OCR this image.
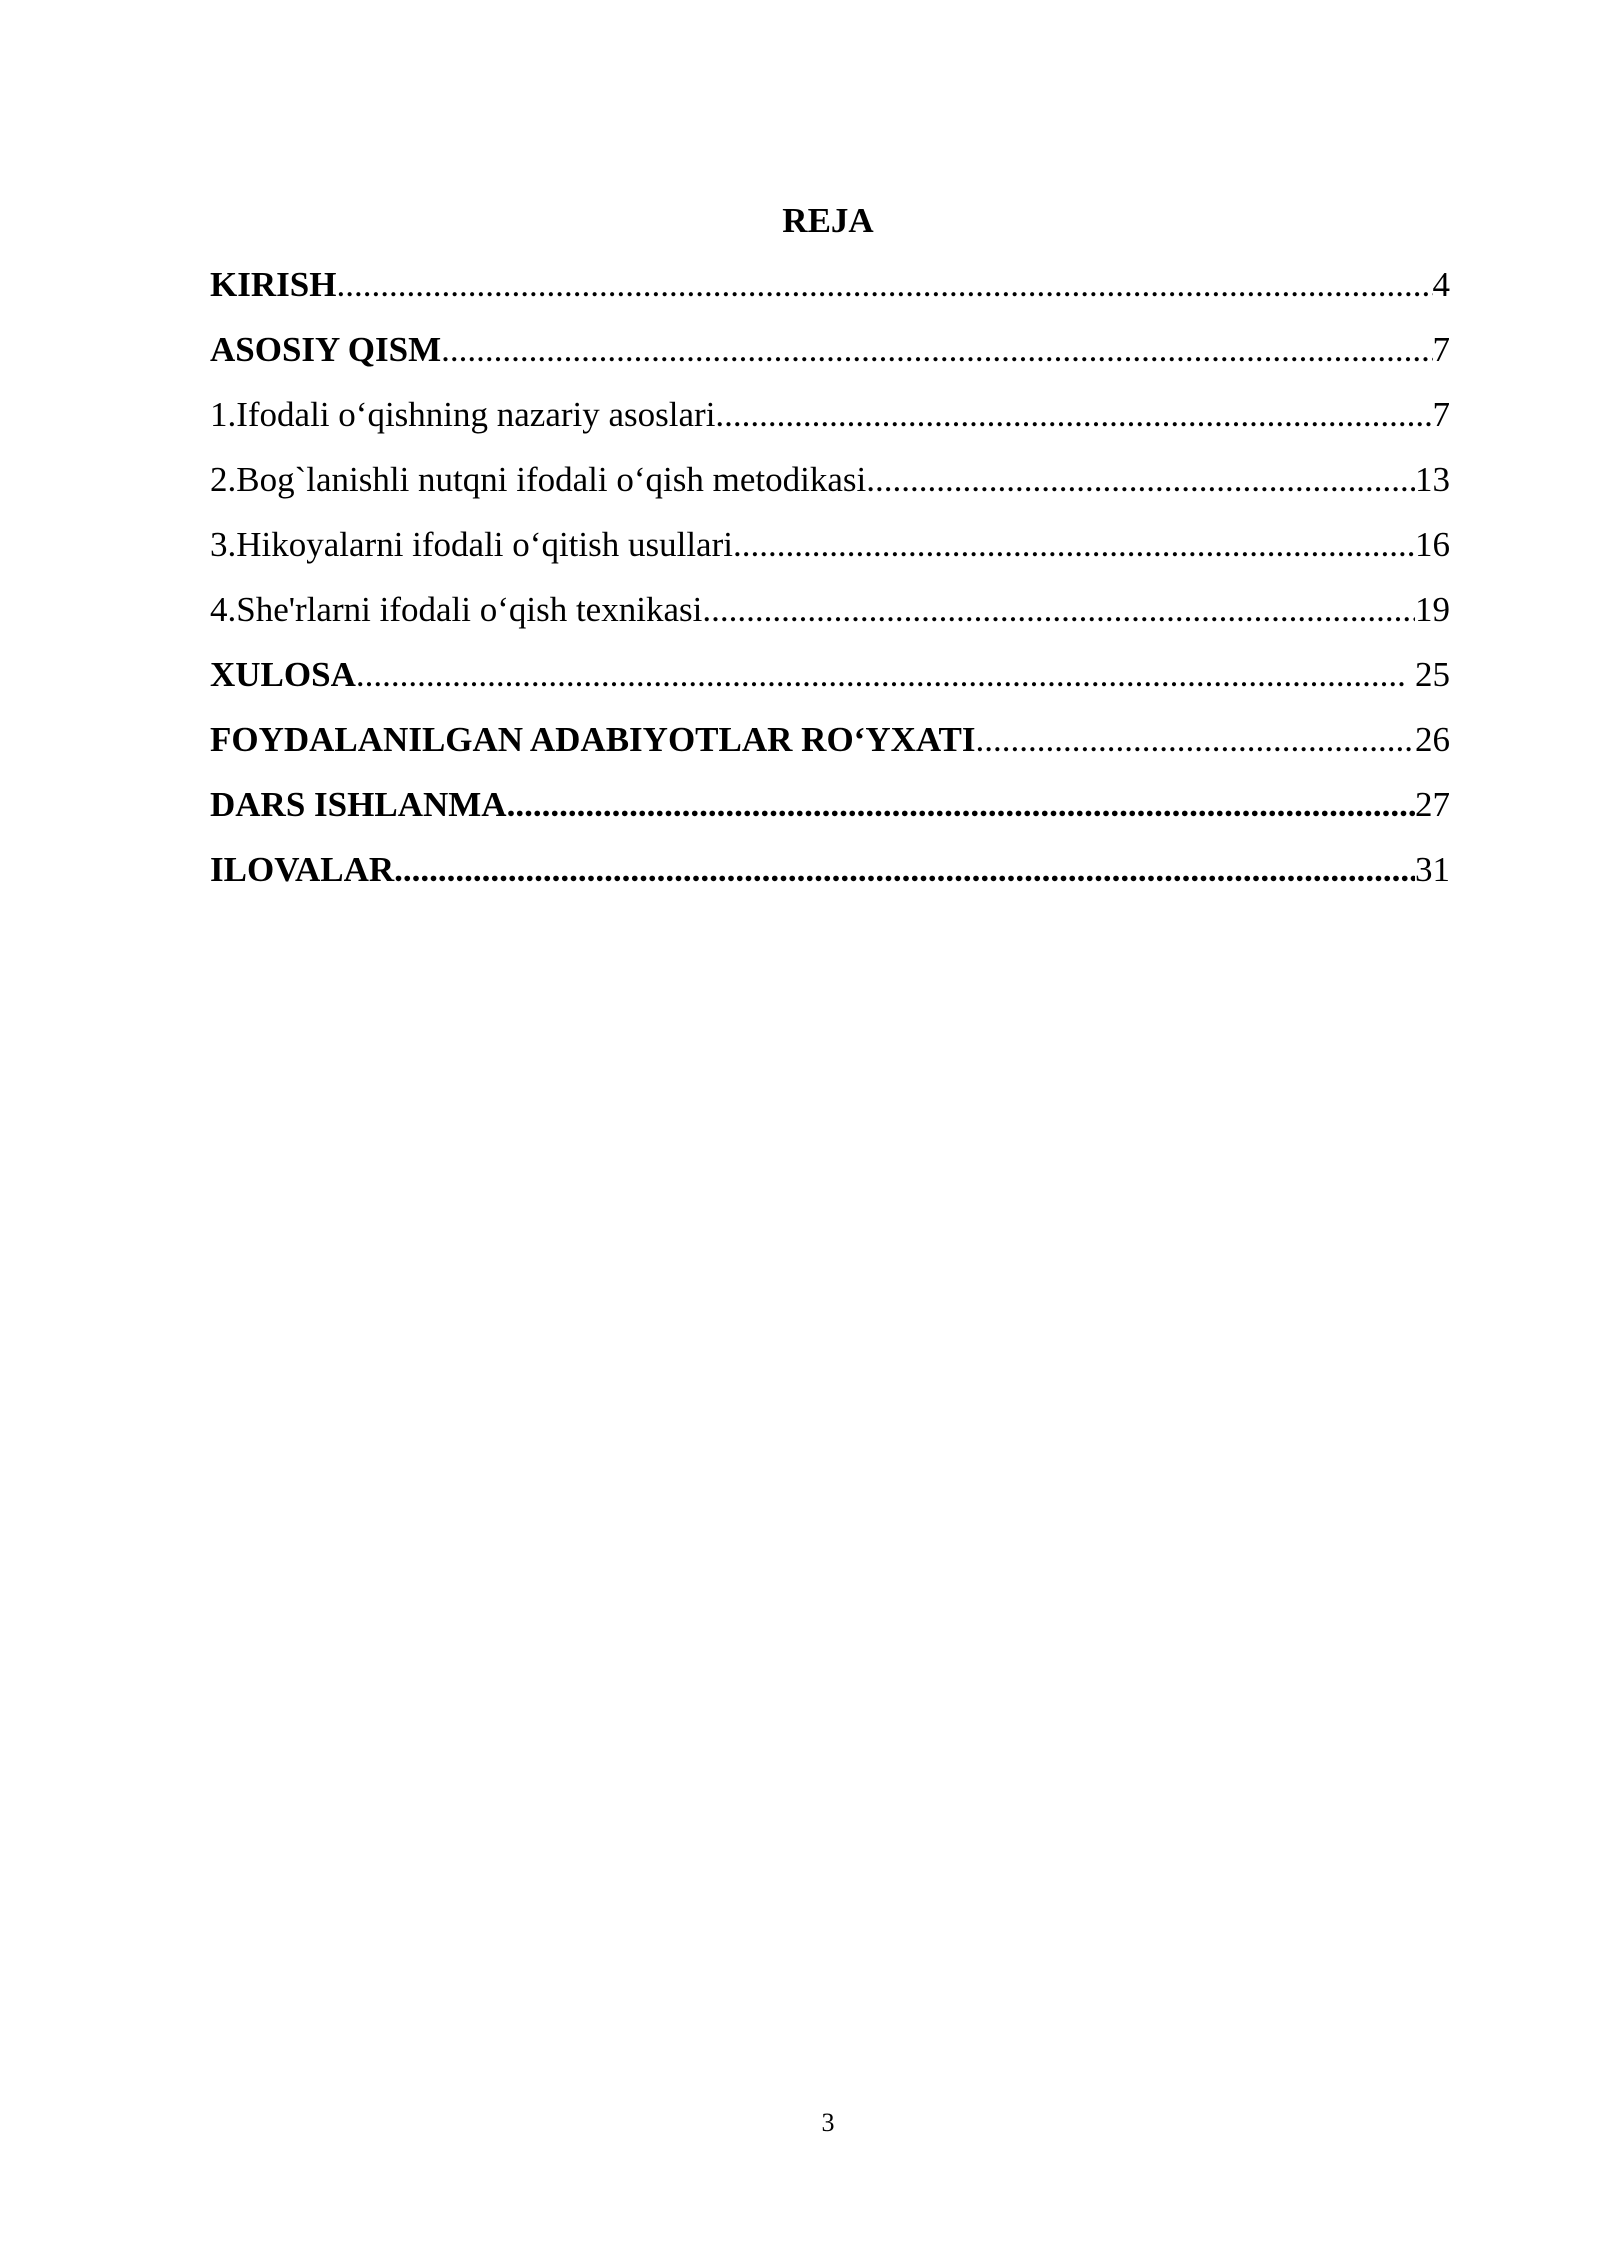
REJA
KIRISH .....	4
ASOSIY QISM .....	7
1.Ifodali o‘qishning nazariy asoslari .....	7
2.Bog`lanishli nutqni ifodali o‘qish metodikasi .....	13
3.Hikoyalarni ifodali o‘qitish usullari .....	16
4.She'rlarni ifodali o‘qish texnikasi .....	19
XULOSA .....	25
FOYDALANILGAN ADABIYOTLAR RO‘YXATI .....	26
DARS ISHLANMA .....	27
ILOVALAR .....	31
3
